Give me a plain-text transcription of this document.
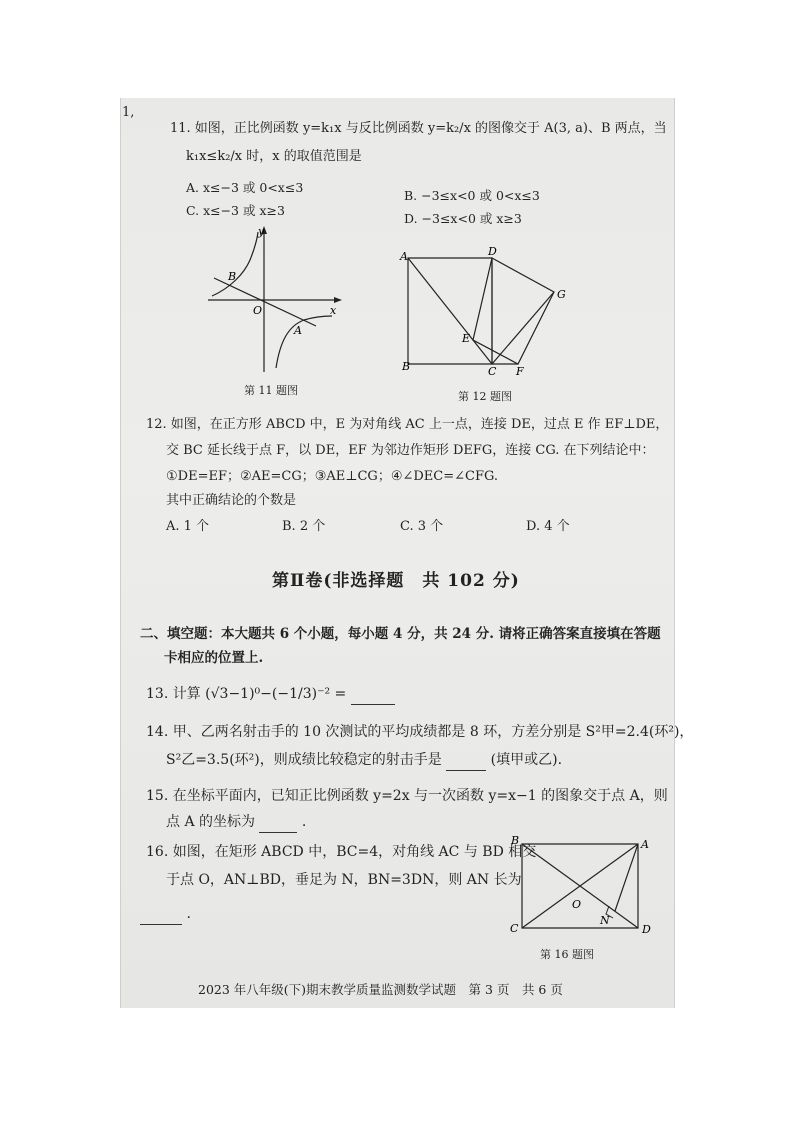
1,
11. 如图，正比例函数 y=k₁x 与反比例函数 y=k₂/x 的图像交于 A(3, a)、B 两点，当
k₁x≤k₂/x 时，x 的取值范围是
A. x≤−3 或 0<x≤3
B. −3≤x<0 或 0<x≤3
C. x≤−3 或 x≥3
D. −3≤x<0 或 x≥3
y
x
O
A
B
第 11 题图
A	D
G
E
B	C F
第 12 题图
12. 如图，在正方形 ABCD 中，E 为对角线 AC 上一点，连接 DE，过点 E 作 EF⊥DE，
交 BC 延长线于点 F，以 DE，EF 为邻边作矩形 DEFG，连接 CG. 在下列结论中：
①DE=EF；②AE=CG；③AE⊥CG；④∠DEC=∠CFG.
其中正确结论的个数是
A. 1 个	B. 2 个	C. 3 个	D. 4 个
第Ⅱ卷(非选择题　共 102 分)
二、填空题：本大题共 6 个小题，每小题 4 分，共 24 分. 请将正确答案直接填在答题
卡相应的位置上.
13. 计算 (√3−1)⁰−(−1/3)⁻² =
14. 甲、乙两名射击手的 10 次测试的平均成绩都是 8 环，方差分别是 S²甲=2.4(环²)，
S²乙=3.5(环²)，则成绩比较稳定的射击手是	(填甲或乙).
15. 在坐标平面内，已知正比例函数 y=2x 与一次函数 y=x−1 的图象交于点 A，则
点 A 的坐标为	.
16. 如图，在矩形 ABCD 中，BC=4，对角线 AC 与 BD 相交
于点 O，AN⊥BD，垂足为 N，BN=3DN，则 AN 长为
.
B	A
C	D
O
N
第 16 题图
2023 年八年级(下)期末教学质量监测数学试题　第 3 页　共 6 页
